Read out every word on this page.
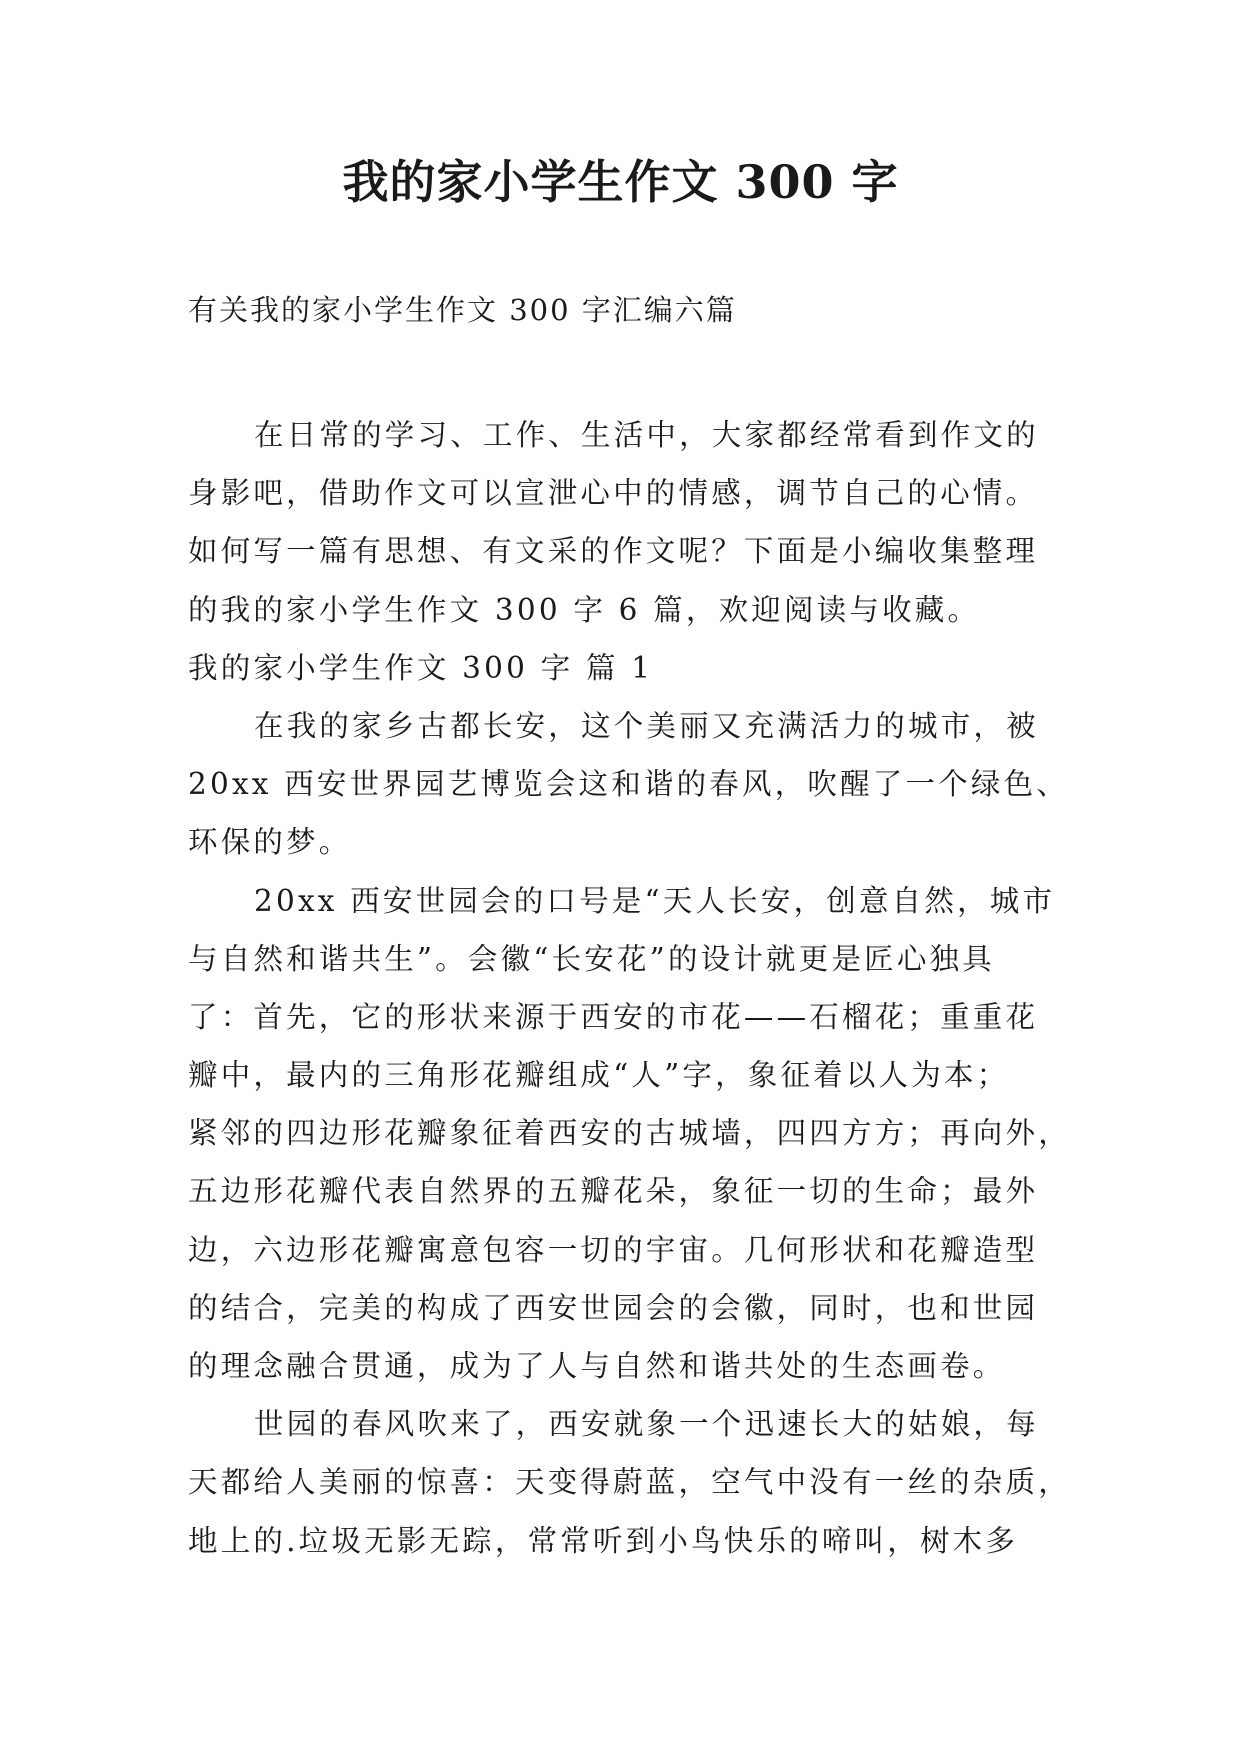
我的家小学生作文 300 字
有关我的家小学生作文 300 字汇编六篇
在日常的学习、工作、生活中，大家都经常看到作文的
身影吧，借助作文可以宣泄心中的情感，调节自己的心情。
如何写一篇有思想、有文采的作文呢？下面是小编收集整理
的我的家小学生作文 300 字 6 篇，欢迎阅读与收藏。
我的家小学生作文 300 字 篇 1
在我的家乡古都长安，这个美丽又充满活力的城市，被
20xx 西安世界园艺博览会这和谐的春风，吹醒了一个绿色、
环保的梦。
20xx 西安世园会的口号是“天人长安，创意自然，城市
与自然和谐共生”。会徽“长安花”的设计就更是匠心独具
了：首先，它的形状来源于西安的市花——石榴花；重重花
瓣中，最内的三角形花瓣组成“人”字，象征着以人为本；
紧邻的四边形花瓣象征着西安的古城墙，四四方方；再向外，
五边形花瓣代表自然界的五瓣花朵，象征一切的生命；最外
边，六边形花瓣寓意包容一切的宇宙。几何形状和花瓣造型
的结合，完美的构成了西安世园会的会徽，同时，也和世园
的理念融合贯通，成为了人与自然和谐共处的生态画卷。
世园的春风吹来了，西安就象一个迅速长大的姑娘，每
天都给人美丽的惊喜：天变得蔚蓝，空气中没有一丝的杂质，
地上的.垃圾无影无踪，常常听到小鸟快乐的啼叫，树木多
